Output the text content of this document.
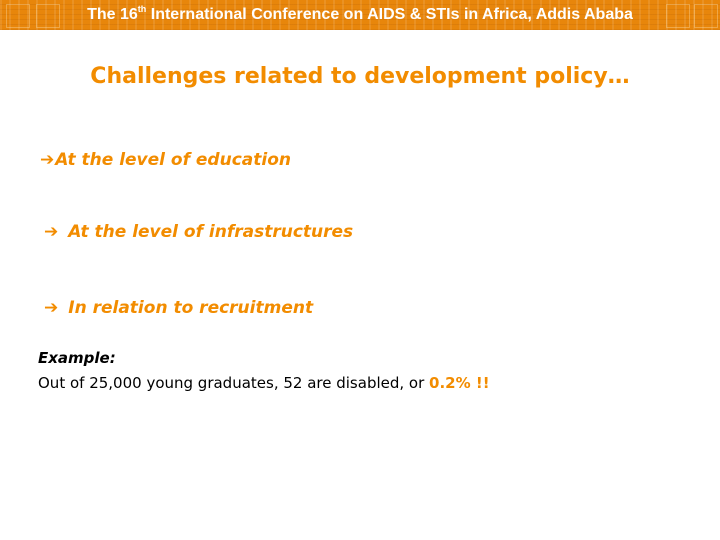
The 16th International Conference on AIDS & STIs in Africa, Addis Ababa
Challenges related to development policy…
➔ At the level of education
➔ At the level of infrastructures
➔ In relation to recruitment
Example:
Out of 25,000 young graduates, 52 are disabled, or 0.2% !!
